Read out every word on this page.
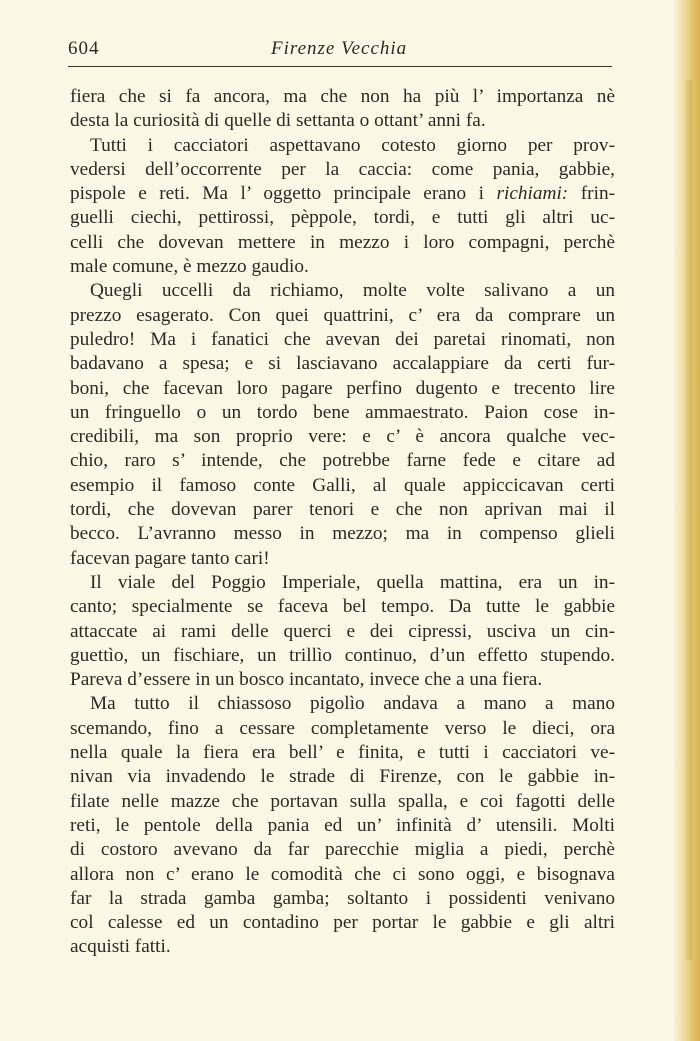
604	Firenze Vecchia
fiera che si fa ancora, ma che non ha più l’ importanza nè
desta la curiosità di quelle di settanta o ottant’ anni fa.
Tutti i cacciatori aspettavano cotesto giorno per prov-
vedersi dell’occorrente per la caccia: come pania, gabbie,
pispole e reti. Ma l’ oggetto principale erano i richiami: frin-
guelli ciechi, pettirossi, pèppole, tordi, e tutti gli altri uc-
celli che dovevan mettere in mezzo i loro compagni, perchè
male comune, è mezzo gaudio.
Quegli uccelli da richiamo, molte volte salivano a un
prezzo esagerato. Con quei quattrini, c’ era da comprare un
puledro! Ma i fanatici che avevan dei paretai rinomati, non
badavano a spesa; e si lasciavano accalappiare da certi fur-
boni, che facevan loro pagare perfino dugento e trecento lire
un fringuello o un tordo bene ammaestrato. Paion cose in-
credibili, ma son proprio vere: e c’ è ancora qualche vec-
chio, raro s’ intende, che potrebbe farne fede e citare ad
esempio il famoso conte Galli, al quale appiccicavan certi
tordi, che dovevan parer tenori e che non aprivan mai il
becco. L’avranno messo in mezzo; ma in compenso glieli
facevan pagare tanto cari!
Il viale del Poggio Imperiale, quella mattina, era un in-
canto; specialmente se faceva bel tempo. Da tutte le gabbie
attaccate ai rami delle querci e dei cipressi, usciva un cin-
guettìo, un fischiare, un trillìo continuo, d’un effetto stupendo.
Pareva d’essere in un bosco incantato, invece che a una fiera.
Ma tutto il chiassoso pigolìo andava a mano a mano
scemando, fino a cessare completamente verso le dieci, ora
nella quale la fiera era bell’ e finita, e tutti i cacciatori ve-
nivan via invadendo le strade di Firenze, con le gabbie in-
filate nelle mazze che portavan sulla spalla, e coi fagotti delle
reti, le pentole della pania ed un’ infinità d’ utensili. Molti
di costoro avevano da far parecchie miglia a piedi, perchè
allora non c’ erano le comodità che ci sono oggi, e bisognava
far la strada gamba gamba; soltanto i possidenti venivano
col calesse ed un contadino per portar le gabbie e gli altri
acquisti fatti.
